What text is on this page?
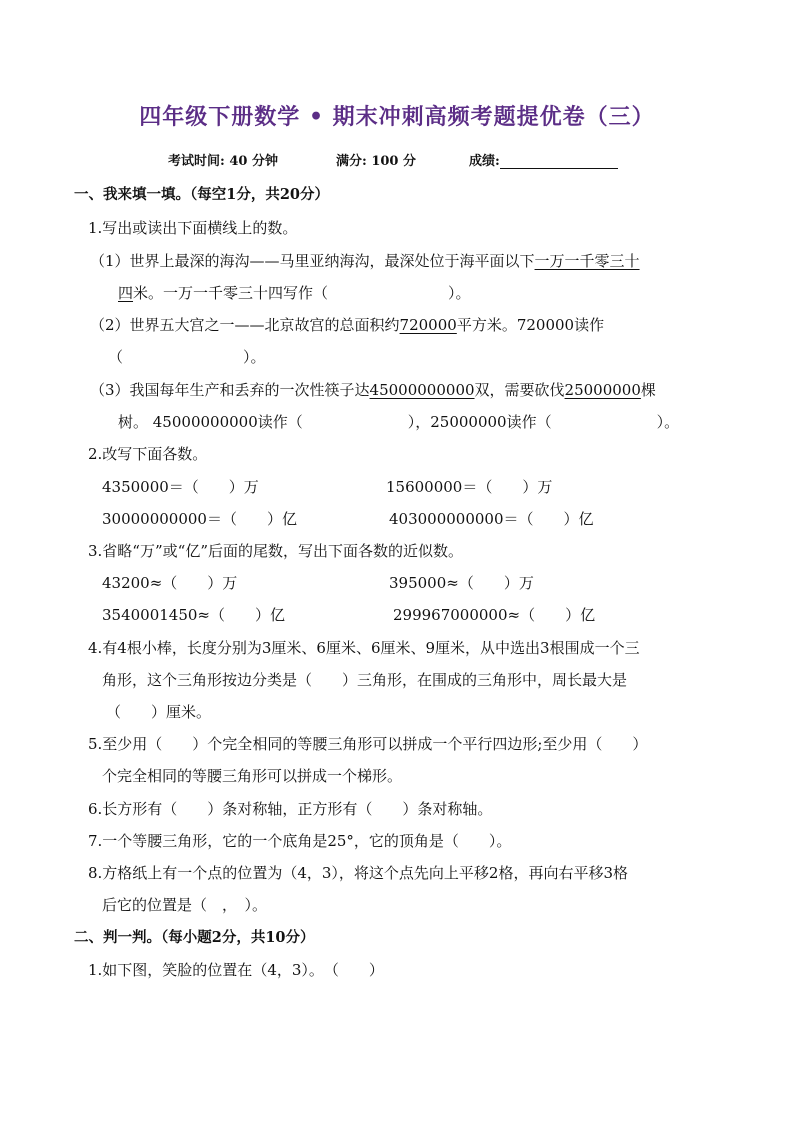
四年级下册数学 • 期末冲刺高频考题提优卷（三）
考试时间: 40 分钟	满分: 100 分	成绩:
一、我来填一填。（每空1分，共20分）
1.写出或读出下面横线上的数。
（1）世界上最深的海沟——马里亚纳海沟，最深处位于海平面以下一万一千零三十
四米。一万一千零三十四写作（　　　　　　　　）。
（2）世界五大宫之一——北京故宫的总面积约720000平方米。720000读作
（　　　　　　　　）。
（3）我国每年生产和丢弃的一次性筷子达45000000000双，需要砍伐25000000棵
树。 45000000000读作（　　　　　　　），25000000读作（　　　　　　　）。
2.改写下面各数。
4350000＝（　　）万	15600000＝（　　）万
30000000000＝（　　）亿	403000000000＝（　　）亿
3.省略“万”或“亿”后面的尾数，写出下面各数的近似数。
43200≈（　　）万	395000≈（　　）万
3540001450≈（　　）亿	299967000000≈（　　）亿
4.有4根小棒，长度分别为3厘米、6厘米、6厘米、9厘米，从中选出3根围成一个三
角形，这个三角形按边分类是（　　）三角形，在围成的三角形中，周长最大是
（　　）厘米。
5.至少用（　　）个完全相同的等腰三角形可以拼成一个平行四边形;至少用（　　）
个完全相同的等腰三角形可以拼成一个梯形。
6.长方形有（　　）条对称轴，正方形有（　　）条对称轴。
7.一个等腰三角形，它的一个底角是25°，它的顶角是（　　）。
8.方格纸上有一个点的位置为（4，3），将这个点先向上平移2格，再向右平移3格
后它的位置是（　，　）。
二、判一判。（每小题2分，共10分）
1.如下图，笑脸的位置在（4，3）。　（　　）
